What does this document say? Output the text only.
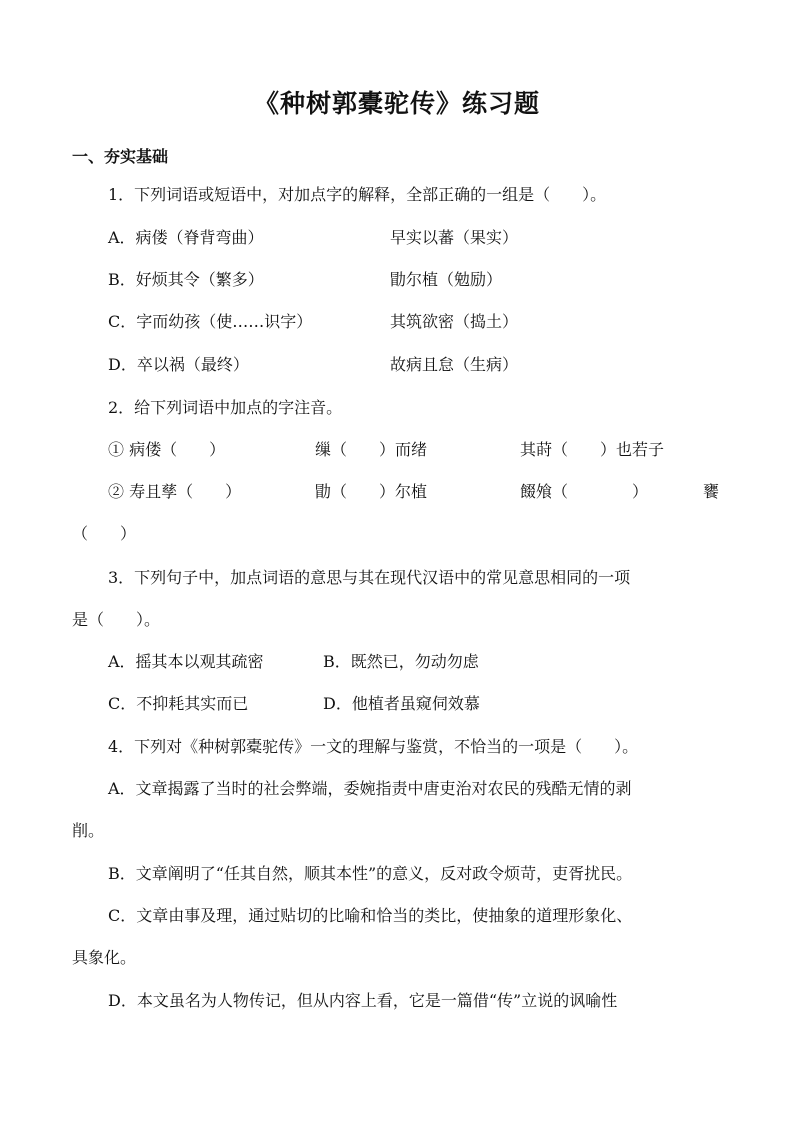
《种树郭橐驼传》练习题
一、夯实基础
1．下列词语或短语中，对加点字的解释，全部正确的一组是（　　）。
A．病偻（脊背弯曲）	早实以蕃（果实）
B．好烦其令（繁多）	勖尔植（勉励）
C．字而幼孩（使……识字）	其筑欲密（捣土）
D．卒以祸（最终）	故病且怠（生病）
2．给下列词语中加点的字注音。
① 病偻（　　）	缫（　　）而绪	其莳（　　）也若子
② 寿且孳（　　）	勖（　　）尔植	餟飧（　　　　）	饔
（　　）
3．下列句子中，加点词语的意思与其在现代汉语中的常见意思相同的一项
是（　　）。
A．摇其本以观其疏密	B．既然已，勿动勿虑
C．不抑耗其实而已	D．他植者虽窥伺效慕
4．下列对《种树郭橐驼传》一文的理解与鉴赏，不恰当的一项是（　　）。
A．文章揭露了当时的社会弊端，委婉指责中唐吏治对农民的残酷无情的剥
削。
B．文章阐明了“任其自然，顺其本性”的意义，反对政令烦苛，吏胥扰民。
C．文章由事及理，通过贴切的比喻和恰当的类比，使抽象的道理形象化、
具象化。
D．本文虽名为人物传记，但从内容上看，它是一篇借“传”立说的讽喻性
